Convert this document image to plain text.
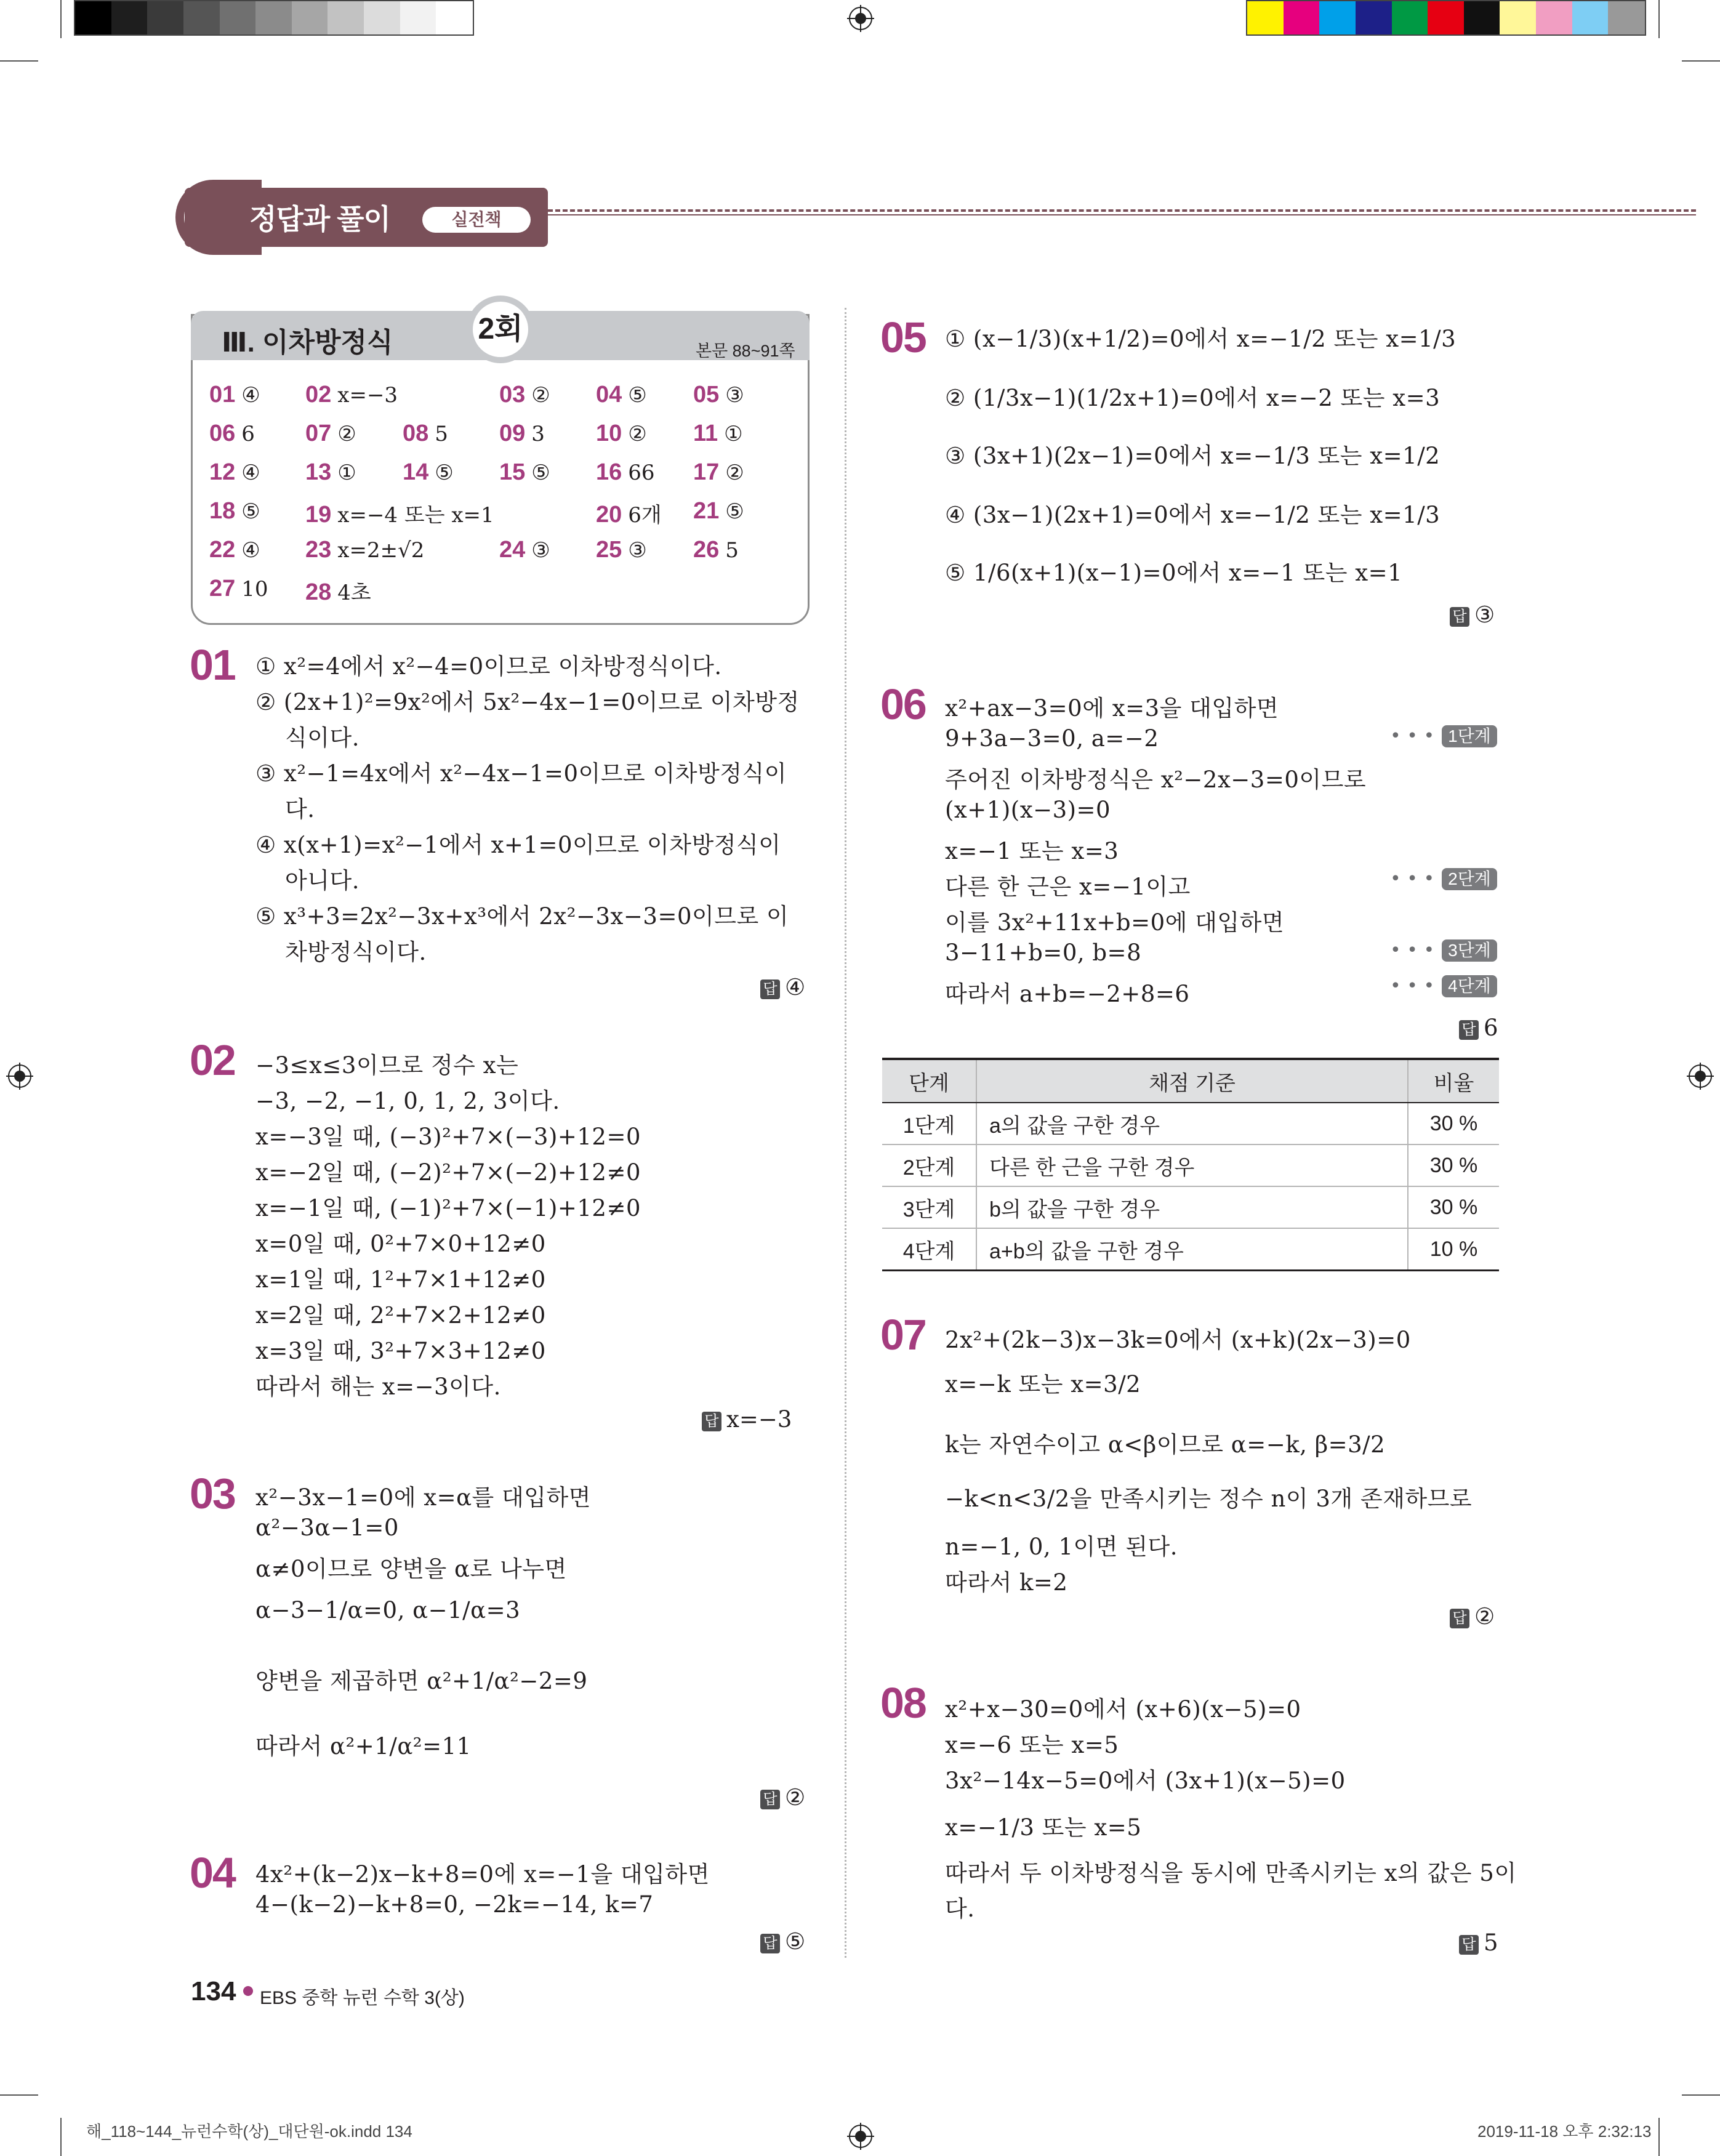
정답과 풀이	실전책
Ⅲ. 이차방정식	2회
본문 88~91쪽
01 ④ 02 x=−3	03 ② 04 ⑤ 05 ③
06 6 07 ② 08 5 09 3 10 ② 11 ①
12 ④ 13 ① 14 ⑤ 15 ⑤ 16 66 17 ②
18 ⑤ 19 x=−4 또는 x=1	20 6개 21 ⑤
22 ④ 23 x=2±√2	24 ③ 25 ③ 26 5
27 10 28 4초
01 ① x²=4에서 x²−4=0이므로 이차방정식이다.
② (2x+1)²=9x²에서 5x²−4x−1=0이므로 이차방정
식이다.
③ x²−1=4x에서 x²−4x−1=0이므로 이차방정식이
다.
④ x(x+1)=x²−1에서 x+1=0이므로 이차방정식이
아니다.
⑤ x³+3=2x²−3x+x³에서 2x²−3x−3=0이므로 이
차방정식이다.
답 ④
02 −3≤x≤3이므로 정수 x는
−3, −2, −1, 0, 1, 2, 3이다.
x=−3일 때, (−3)²+7×(−3)+12=0
x=−2일 때, (−2)²+7×(−2)+12≠0
x=−1일 때, (−1)²+7×(−1)+12≠0
x=0일 때, 0²+7×0+12≠0
x=1일 때, 1²+7×1+12≠0
x=2일 때, 2²+7×2+12≠0
x=3일 때, 3²+7×3+12≠0
따라서 해는 x=−3이다.
답 x=−3
03 x²−3x−1=0에 x=α를 대입하면
α²−3α−1=0
α≠0이므로 양변을 α로 나누면
α−3−1/α=0, α−1/α=3
양변을 제곱하면 α²+1/α²−2=9
따라서 α²+1/α²=11
답 ②
04 4x²+(k−2)x−k+8=0에 x=−1을 대입하면
4−(k−2)−k+8=0, −2k=−14, k=7
답 ⑤
05 ① (x−1/3)(x+1/2)=0에서 x=−1/2 또는 x=1/3
② (1/3x−1)(1/2x+1)=0에서 x=−2 또는 x=3
③ (3x+1)(2x−1)=0에서 x=−1/3 또는 x=1/2
④ (3x−1)(2x+1)=0에서 x=−1/2 또는 x=1/3
⑤ 1/6(x+1)(x−1)=0에서 x=−1 또는 x=1
답 ③
06 x²+ax−3=0에 x=3을 대입하면
9+3a−3=0, a=−2
주어진 이차방정식은 x²−2x−3=0이므로
(x+1)(x−3)=0
x=−1 또는 x=3
다른 한 근은 x=−1이고
이를 3x²+11x+b=0에 대입하면
3−11+b=0, b=8
따라서 a+b=−2+8=6
답 6
• • • 1단계
• • • 2단계
• • • 3단계
• • • 4단계
단계	채점 기준	비율
1단계	a의 값을 구한 경우	30 %
2단계	다른 한 근을 구한 경우	30 %
3단계	b의 값을 구한 경우	30 %
4단계	a+b의 값을 구한 경우	10 %
07 2x²+(2k−3)x−3k=0에서 (x+k)(2x−3)=0
x=−k 또는 x=3/2
k는 자연수이고 α<β이므로 α=−k, β=3/2
−k<n<3/2을 만족시키는 정수 n이 3개 존재하므로
n=−1, 0, 1이면 된다.
따라서 k=2
답 ②
08 x²+x−30=0에서 (x+6)(x−5)=0
x=−6 또는 x=5
3x²−14x−5=0에서 (3x+1)(x−5)=0
x=−1/3 또는 x=5
따라서 두 이차방정식을 동시에 만족시키는 x의 값은 5이
다.
답 5
134 EBS 중학 뉴런 수학 3(상)
해_118~144_뉴런수학(상)_대단원-ok.indd 134	2019-11-18 오후 2:32:13
